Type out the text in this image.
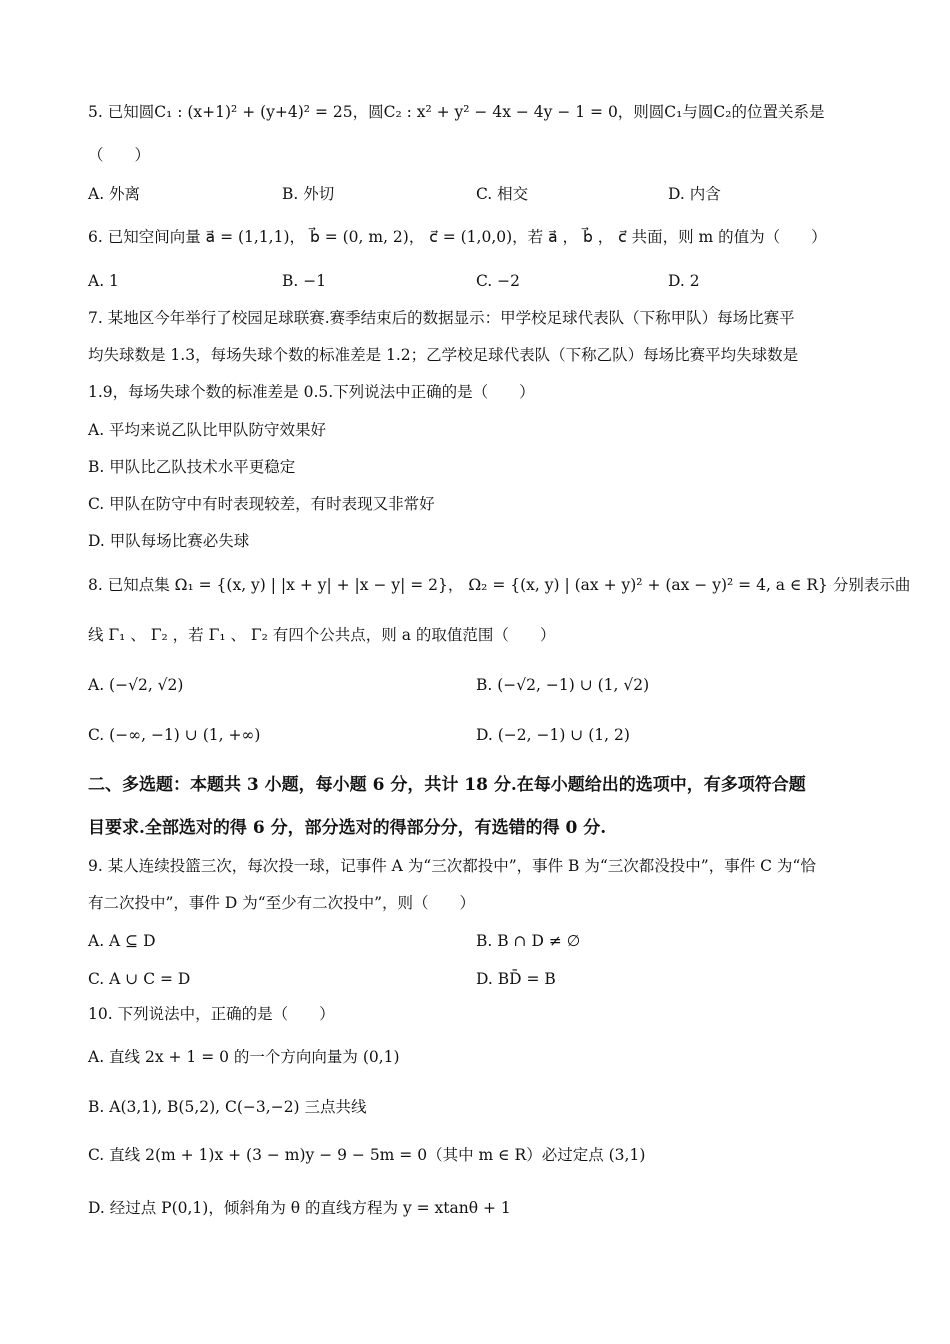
5. 已知圆C₁ : (x+1)² + (y+4)² = 25，圆C₂ : x² + y² − 4x − 4y − 1 = 0，则圆C₁与圆C₂的位置关系是
（　　）
A. 外离	B. 外切	C. 相交	D. 内含
6. 已知空间向量 a⃗ = (1,1,1)， b⃗ = (0, m, 2)， c⃗ = (1,0,0)，若 a⃗ ， b⃗ ， c⃗ 共面，则 m 的值为（　　）
A. 1	B. −1	C. −2	D. 2
7. 某地区今年举行了校园足球联赛.赛季结束后的数据显示：甲学校足球代表队（下称甲队）每场比赛平
均失球数是 1.3，每场失球个数的标准差是 1.2；乙学校足球代表队（下称乙队）每场比赛平均失球数是
1.9，每场失球个数的标准差是 0.5.下列说法中正确的是（　　）
A. 平均来说乙队比甲队防守效果好
B. 甲队比乙队技术水平更稳定
C. 甲队在防守中有时表现较差，有时表现又非常好
D. 甲队每场比赛必失球
8. 已知点集 Ω₁ = {(x, y) | |x + y| + |x − y| = 2}， Ω₂ = {(x, y) | (ax + y)² + (ax − y)² = 4, a ∈ R} 分别表示曲
线 Γ₁ 、 Γ₂ ，若 Γ₁ 、 Γ₂ 有四个公共点，则 a 的取值范围（　　）
A. (−√2, √2)	B. (−√2, −1) ∪ (1, √2)
C. (−∞, −1) ∪ (1, +∞)	D. (−2, −1) ∪ (1, 2)
二、多选题：本题共 3 小题，每小题 6 分，共计 18 分.在每小题给出的选项中，有多项符合题
目要求.全部选对的得 6 分，部分选对的得部分分，有选错的得 0 分.
9. 某人连续投篮三次，每次投一球，记事件 A 为“三次都投中”，事件 B 为“三次都没投中”，事件 C 为“恰
有二次投中”，事件 D 为“至少有二次投中”，则（　　）
A. A ⊆ D	B. B ∩ D ≠ ∅
C. A ∪ C = D	D. BD̄ = B
10. 下列说法中，正确的是（　　）
A. 直线 2x + 1 = 0 的一个方向向量为 (0,1)
B. A(3,1), B(5,2), C(−3,−2) 三点共线
C. 直线 2(m + 1)x + (3 − m)y − 9 − 5m = 0（其中 m ∈ R）必过定点 (3,1)
D. 经过点 P(0,1)，倾斜角为 θ 的直线方程为 y = xtanθ + 1
